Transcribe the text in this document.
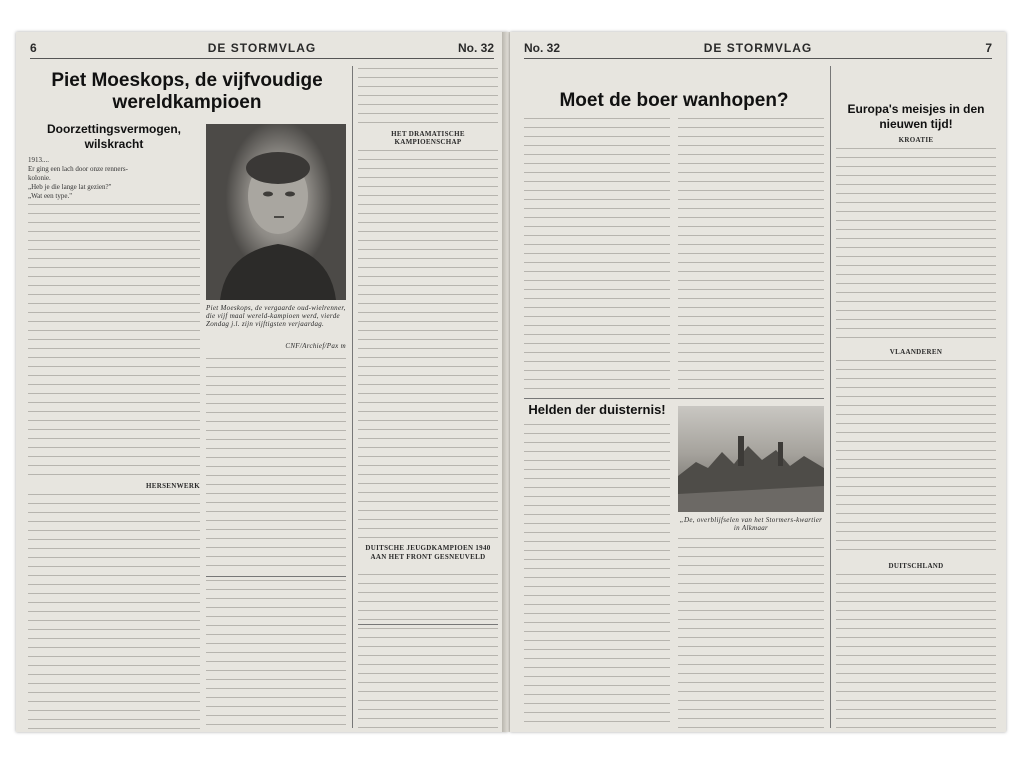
6	DE STORMVLAG	No. 32
Piet Moeskops, de vijfvoudige wereldkampioen
Doorzettingsvermogen, wilskracht
1913....
Er ging een lach door onze renners-
kolonie.
„Heb je die lange lat gezien?"
„Wat een type."
Piet Moeskops, de vergaarde oud-wielrenner, die vijf maal wereld-kampioen werd, vierde Zondag j.l. zijn vijftigsten verjaardag.
CNF/Archief/Pax m
HERSENWERK
HET DRAMATISCHE KAMPIOENSCHAP
DUITSCHE JEUGDKAMPIOEN 1940 AAN HET FRONT GESNEUVELD
No. 32	DE STORMVLAG	7
Moet de boer wanhopen?
Helden der duisternis!
„De, overblijfselen van het Stormers-kwartier in Alkmaar
Europa's meisjes in den nieuwen tijd!
KROATIE
VLAANDEREN
DUITSCHLAND
